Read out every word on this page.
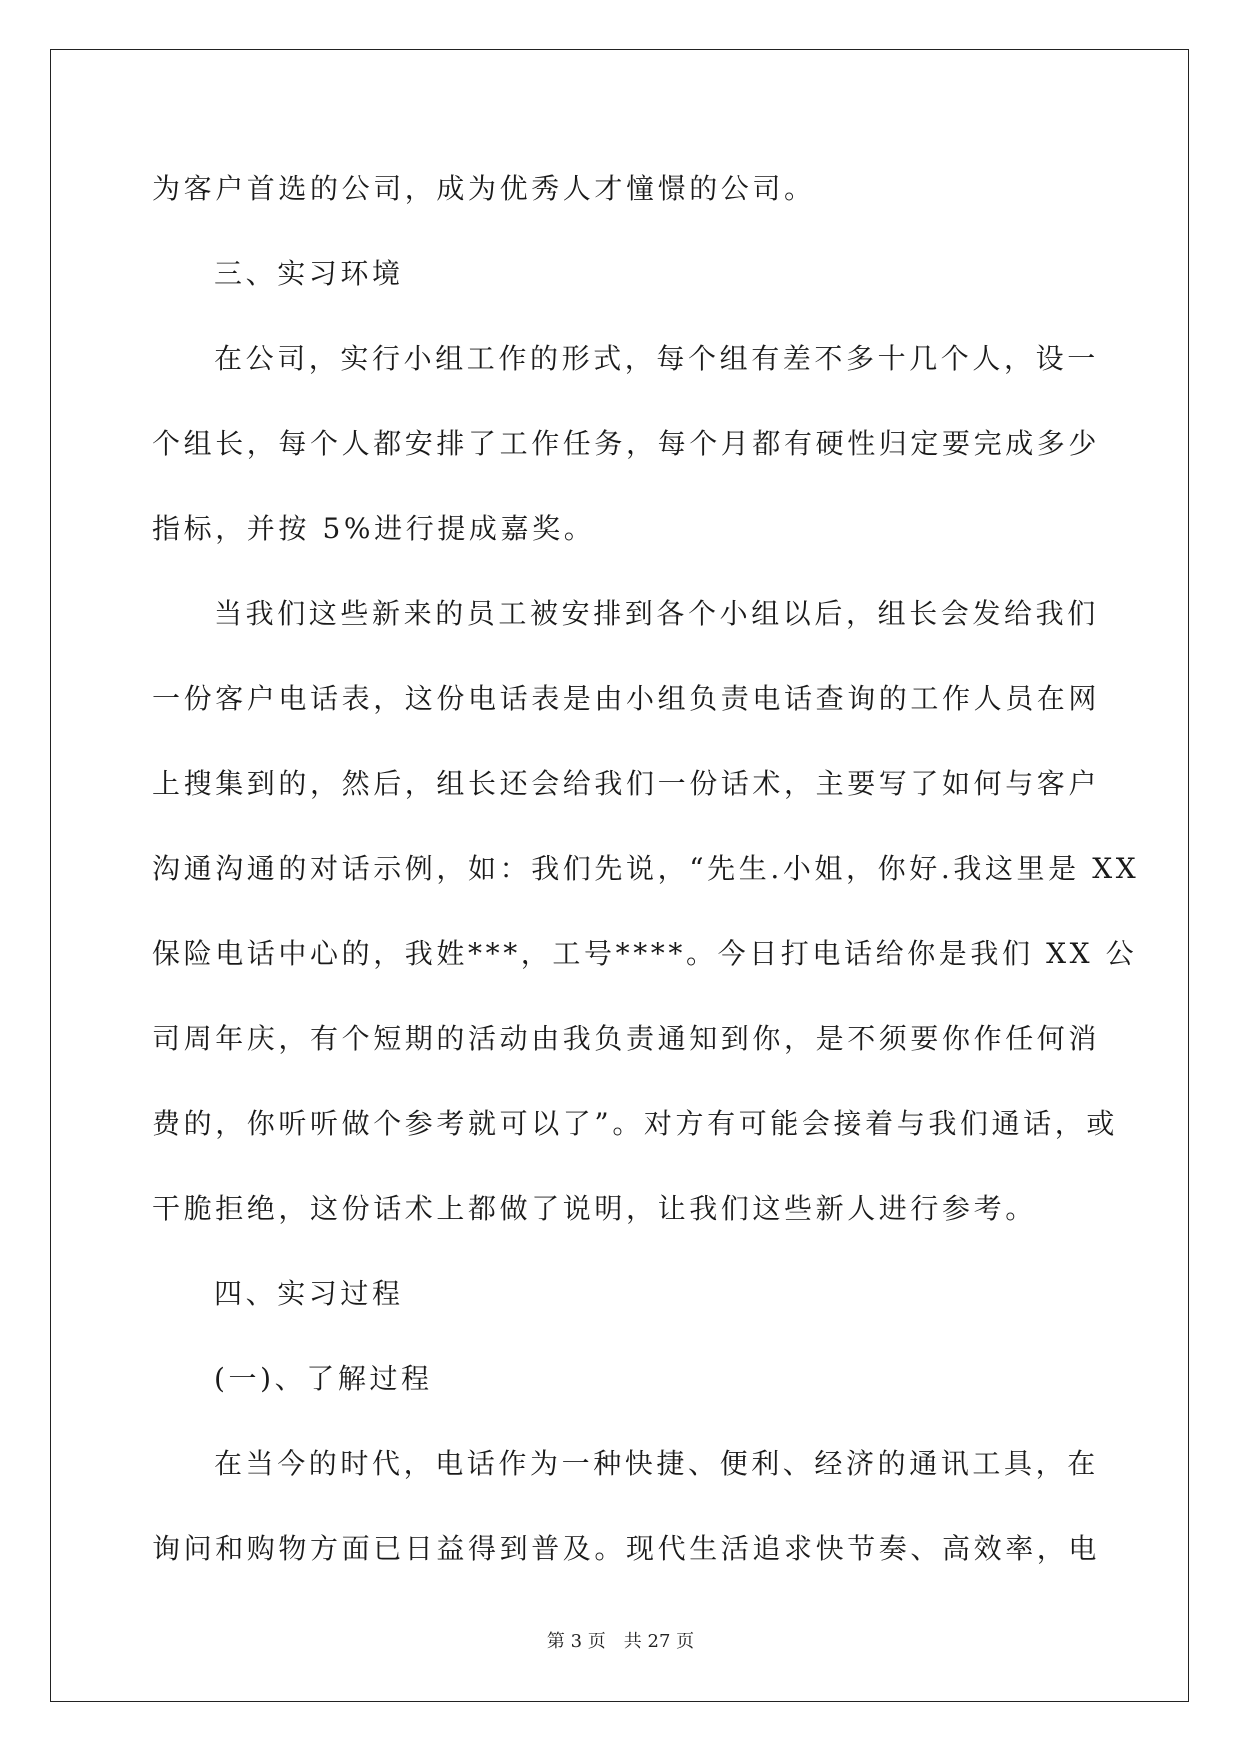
为客户首选的公司，成为优秀人才憧憬的公司。

三、实习环境

在公司，实行小组工作的形式，每个组有差不多十几个人，设一

个组长，每个人都安排了工作任务，每个月都有硬性归定要完成多少

指标，并按 5%进行提成嘉奖。

当我们这些新来的员工被安排到各个小组以后，组长会发给我们

一份客户电话表，这份电话表是由小组负责电话查询的工作人员在网

上搜集到的，然后，组长还会给我们一份话术，主要写了如何与客户

沟通沟通的对话示例，如：我们先说，“先生.小姐，你好.我这里是 XX

保险电话中心的，我姓***，工号****。今日打电话给你是我们 XX 公

司周年庆，有个短期的活动由我负责通知到你，是不须要你作任何消

费的，你听听做个参考就可以了”。对方有可能会接着与我们通话，或

干脆拒绝，这份话术上都做了说明，让我们这些新人进行参考。

四、实习过程

(一)、了解过程

在当今的时代，电话作为一种快捷、便利、经济的通讯工具，在

询问和购物方面已日益得到普及。现代生活追求快节奏、高效率，电

第 3 页 共 27 页
